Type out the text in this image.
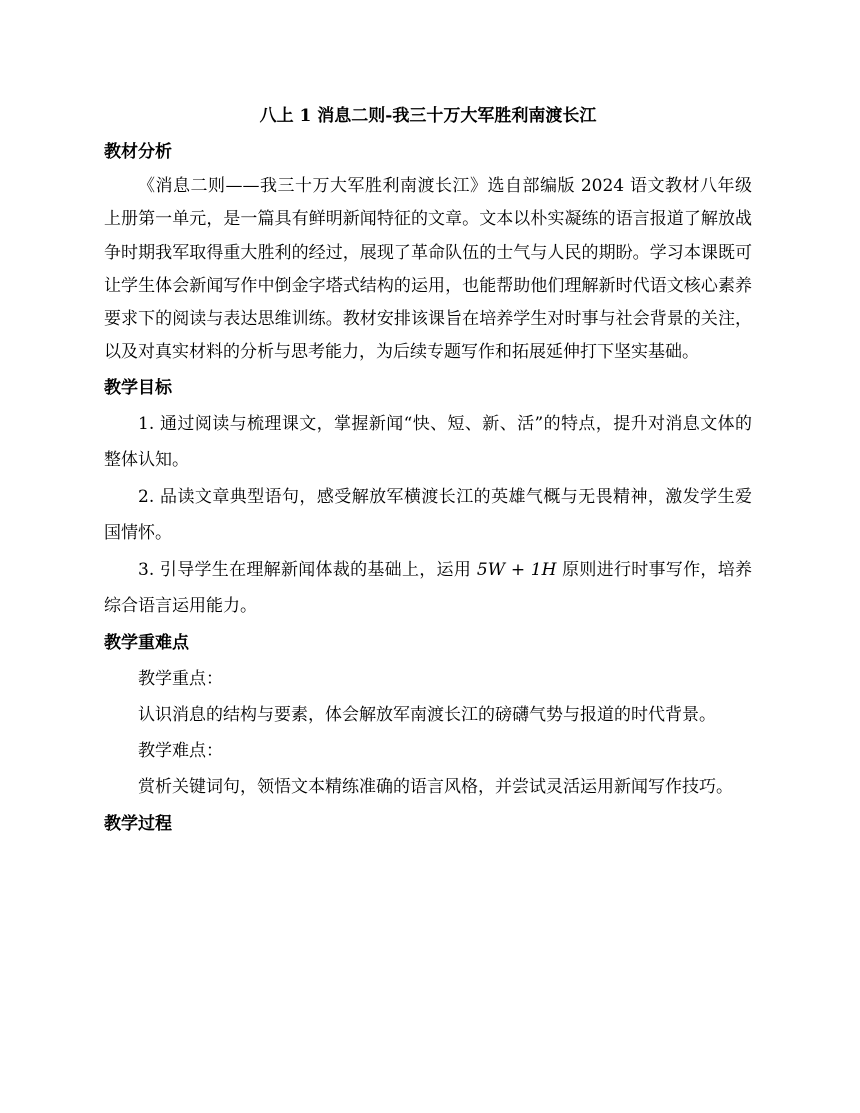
八上 1 消息二则-我三十万大军胜利南渡长江

教材分析

《消息二则——我三十万大军胜利南渡长江》选自部编版 2024 语文教材八年级上册第一单元，是一篇具有鲜明新闻特征的文章。文本以朴实凝练的语言报道了解放战争时期我军取得重大胜利的经过，展现了革命队伍的士气与人民的期盼。学习本课既可让学生体会新闻写作中倒金字塔式结构的运用，也能帮助他们理解新时代语文核心素养要求下的阅读与表达思维训练。教材安排该课旨在培养学生对时事与社会背景的关注，以及对真实材料的分析与思考能力，为后续专题写作和拓展延伸打下坚实基础。

教学目标

1. 通过阅读与梳理课文，掌握新闻“快、短、新、活”的特点，提升对消息文体的整体认知。

2. 品读文章典型语句，感受解放军横渡长江的英雄气概与无畏精神，激发学生爱国情怀。

3. 引导学生在理解新闻体裁的基础上，运用 5W + 1H 原则进行时事写作，培养综合语言运用能力。

教学重难点

教学重点：

认识消息的结构与要素，体会解放军南渡长江的磅礴气势与报道的时代背景。

教学难点：

赏析关键词句，领悟文本精练准确的语言风格，并尝试灵活运用新闻写作技巧。

教学过程
